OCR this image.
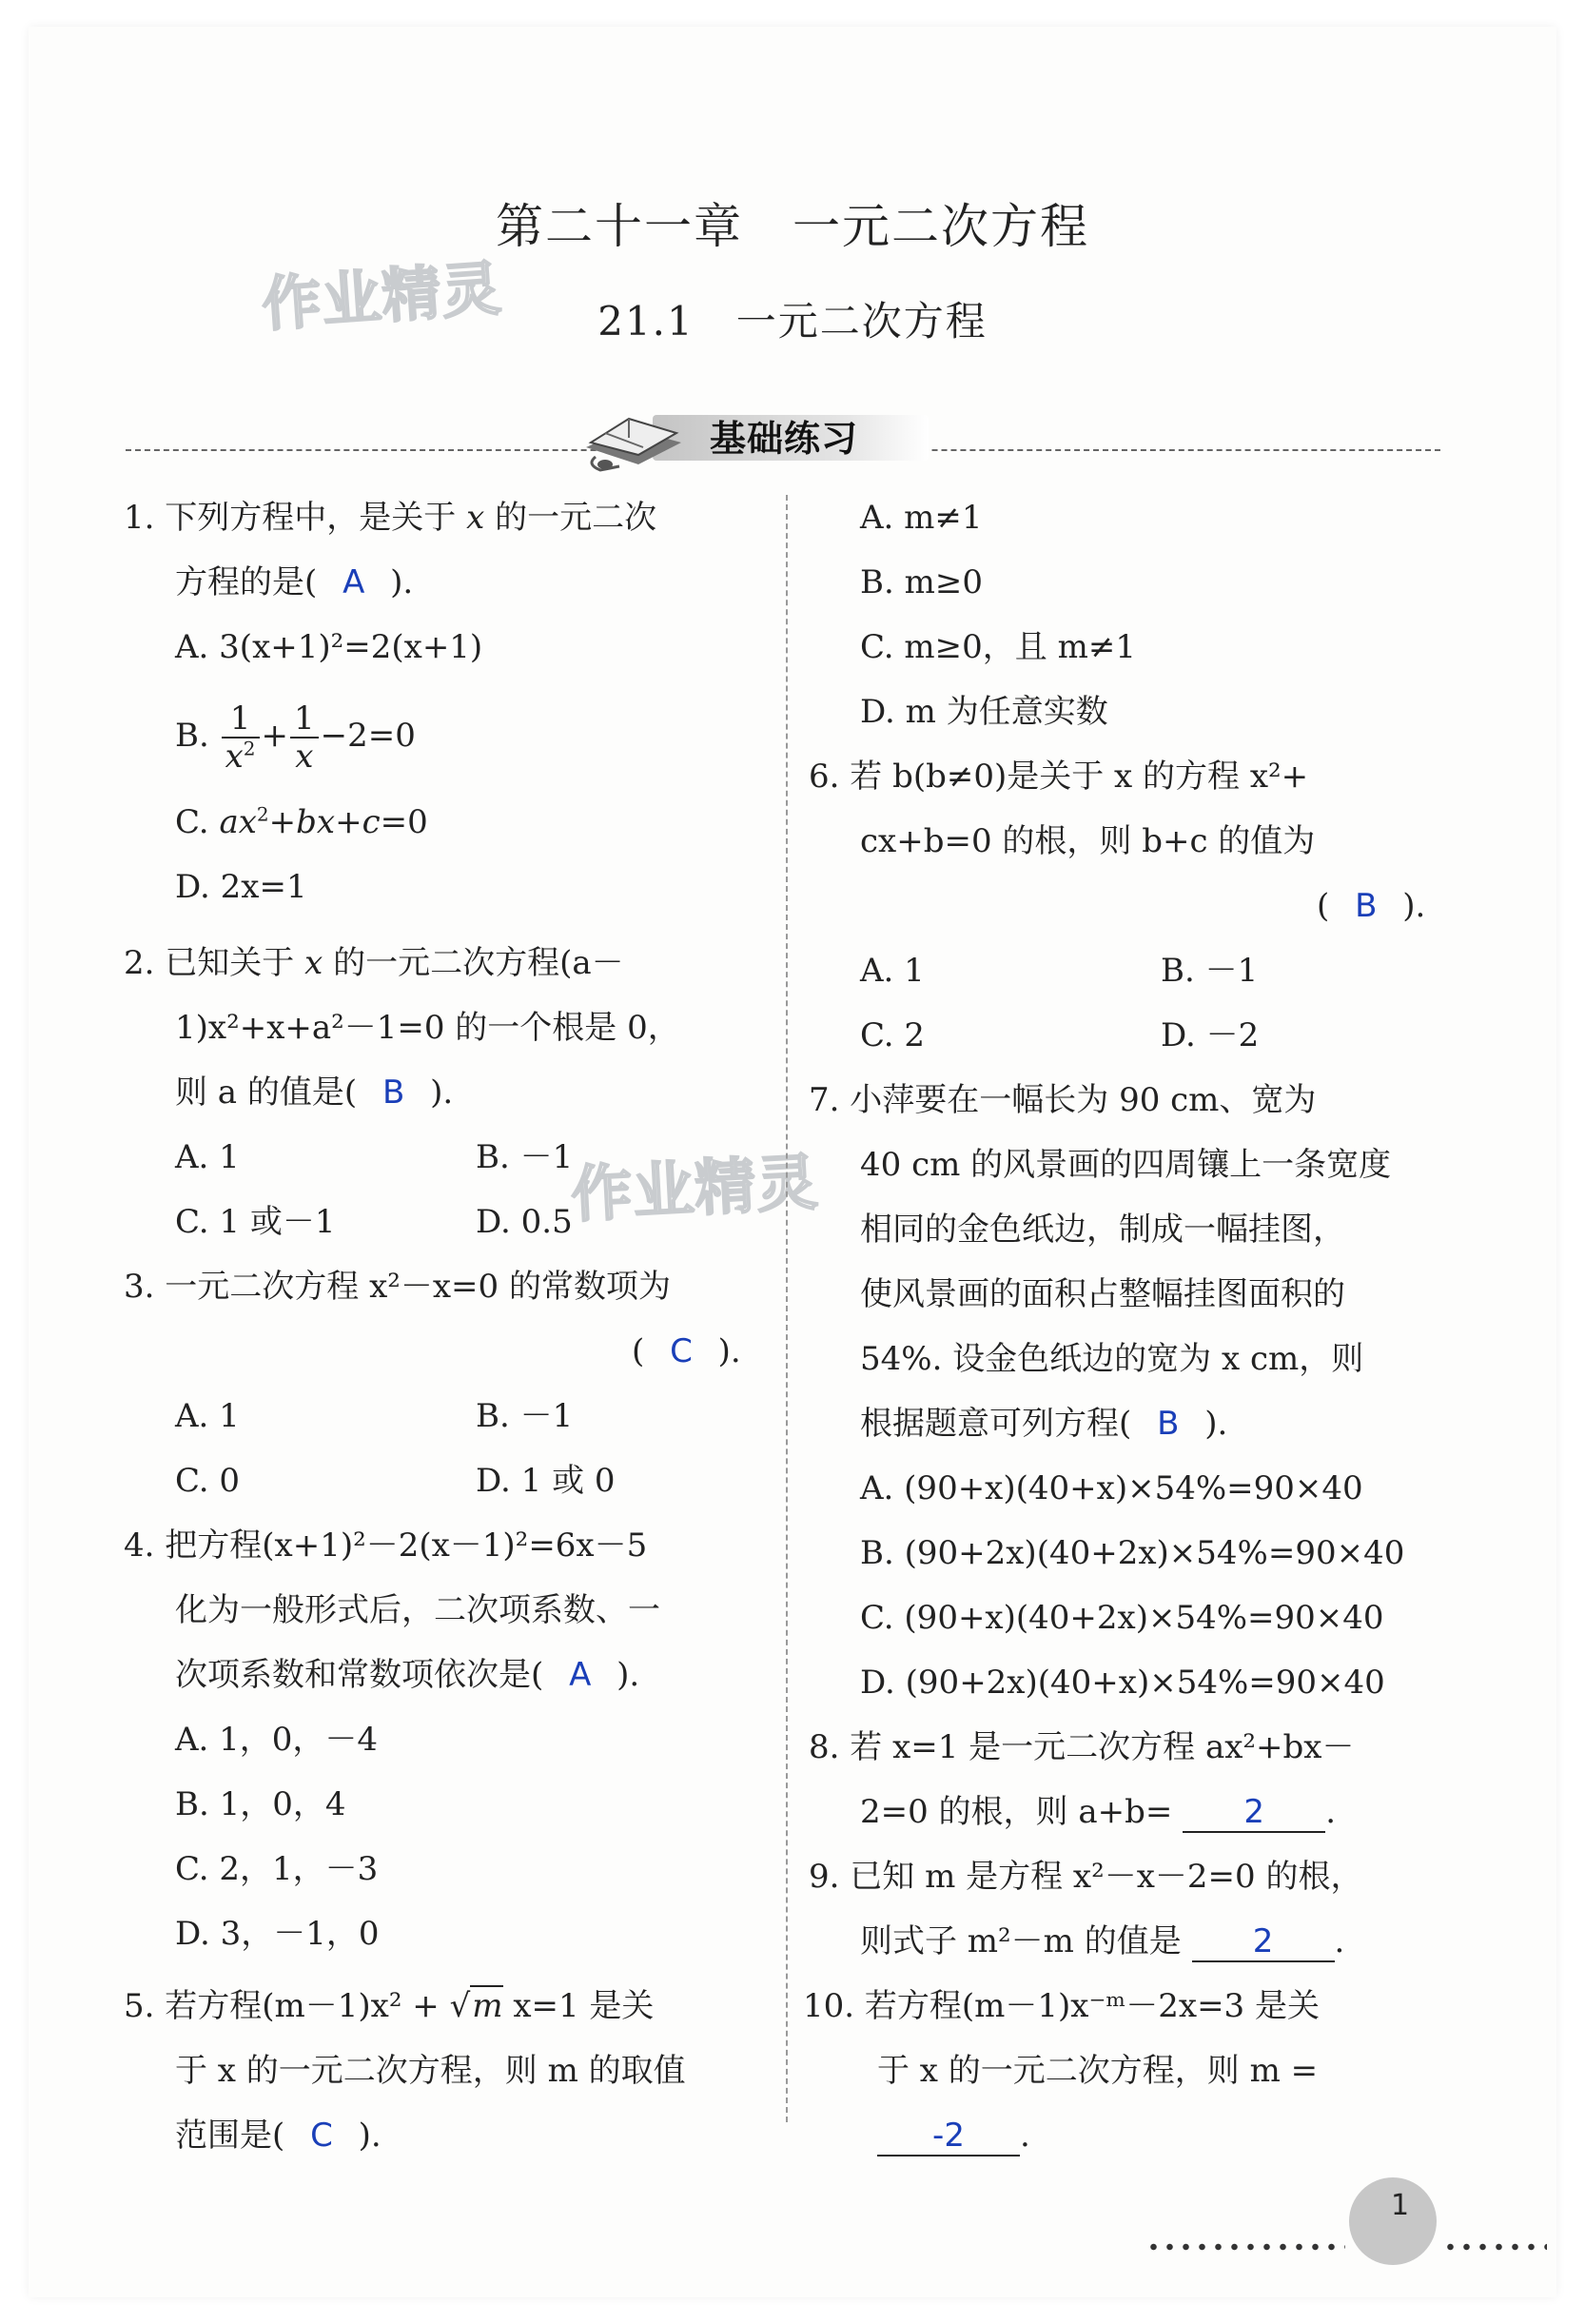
第二十一章　一元二次方程
21.1　一元二次方程
作业精灵
作业精灵
基础练习
1. 下列方程中，是关于 x 的一元二次
方程的是( A ).
A. 3(x+1)²=2(x+1)
B. $\frac{1}{x^2} + \frac{1}{x} -2=0$
C. $ax^2+bx+c=0$
D. 2x=1
2. 已知关于 x 的一元二次方程(a－
1)x²+x+a²－1=0 的一个根是 0，
则 a 的值是( B ).
A. 1	B. －1
C. 1 或－1	D. 0.5
3. 一元二次方程 x²－x=0 的常数项为
( C ).
A. 1	B. －1
C. 0	D. 1 或 0
4. 把方程(x+1)²－2(x－1)²=6x－5
化为一般形式后，二次项系数、一
次项系数和常数项依次是( A ).
A. 1，0，－4
B. 1，0，4
C. 2，1，－3
D. 3，－1，0
5. 若方程(m－1)x² + √m x=1 是关
于 x 的一元二次方程，则 m 的取值
范围是( C ).
A. m≠1
B. m≥0
C. m≥0，且 m≠1
D. m 为任意实数
6. 若 b(b≠0)是关于 x 的方程 x²+
cx+b=0 的根，则 b+c 的值为
( B ).
A. 1	B. －1
C. 2	D. －2
7. 小萍要在一幅长为 90 cm、宽为
40 cm 的风景画的四周镶上一条宽度
相同的金色纸边，制成一幅挂图，
使风景画的面积占整幅挂图面积的
54%. 设金色纸边的宽为 x cm，则
根据题意可列方程( B ).
A. (90+x)(40+x)×54%=90×40
B. (90+2x)(40+2x)×54%=90×40
C. (90+x)(40+2x)×54%=90×40
D. (90+2x)(40+x)×54%=90×40
8. 若 x=1 是一元二次方程 ax²+bx－
2=0 的根，则 a+b= 2 .
9. 已知 m 是方程 x²－x－2=0 的根，
则式子 m²－m 的值是 2 .
10. 若方程(m－1)x⁻ᵐ－2x=3 是关
于 x 的一元二次方程，则 m =
-2 .
1
